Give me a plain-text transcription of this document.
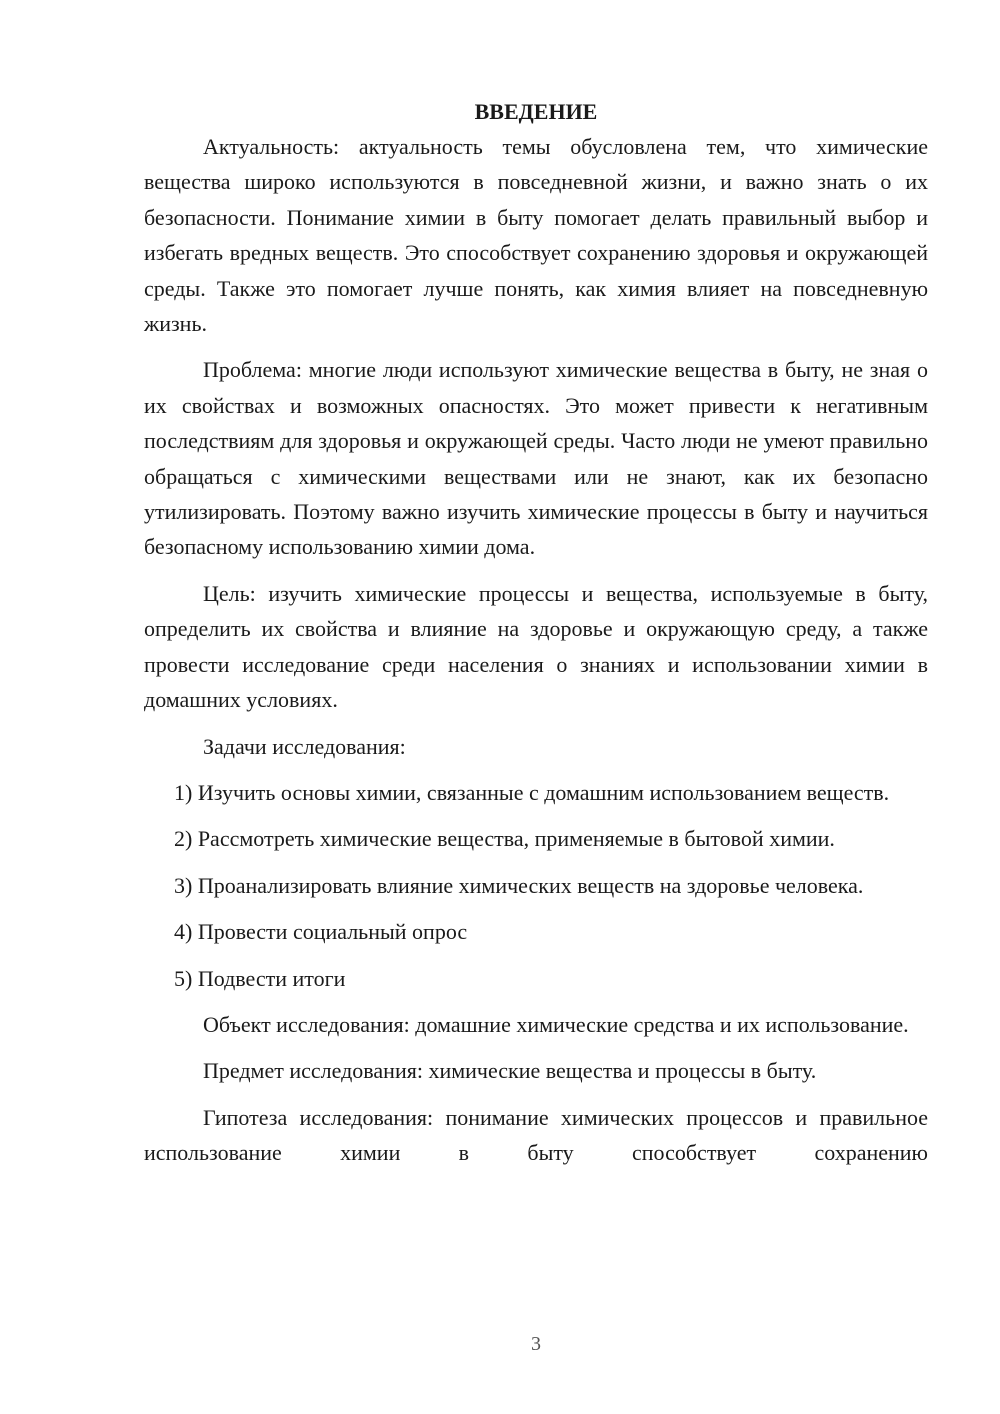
ВВЕДЕНИЕ

Актуальность: актуальность темы обусловлена тем, что химические вещества широко используются в повседневной жизни, и важно знать о их безопасности. Понимание химии в быту помогает делать правильный выбор и избегать вредных веществ. Это способствует сохранению здоровья и окружающей среды. Также это помогает лучше понять, как химия влияет на повседневную жизнь.

Проблема: многие люди используют химические вещества в быту, не зная о их свойствах и возможных опасностях. Это может привести к негативным последствиям для здоровья и окружающей среды. Часто люди не умеют правильно обращаться с химическими веществами или не знают, как их безопасно утилизировать. Поэтому важно изучить химические процессы в быту и научиться безопасному использованию химии дома.

Цель: изучить химические процессы и вещества, используемые в быту, определить их свойства и влияние на здоровье и окружающую среду, а также провести исследование среди населения о знаниях и использовании химии в домашних условиях.

Задачи исследования:

1) Изучить основы химии, связанные с домашним использованием веществ.

2) Рассмотреть химические вещества, применяемые в бытовой химии.

3) Проанализировать влияние химических веществ на здоровье человека.

4) Провести социальный опрос

5) Подвести итоги

Объект исследования: домашние химические средства и их использование.

Предмет исследования: химические вещества и процессы в быту.

Гипотеза исследования: понимание химических процессов и правильное использование химии в быту способствует сохранению

3
